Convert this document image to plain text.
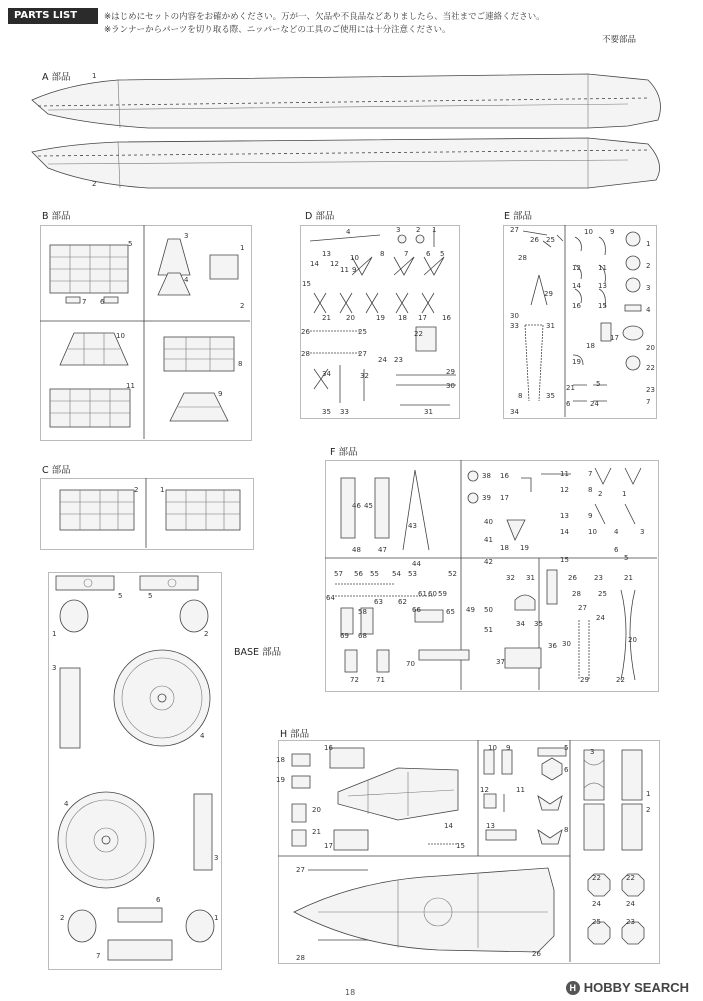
PARTS LIST	※はじめにセットの内容をお確かめください。万が一、欠品や不良品などありましたら、当社までご連絡ください。
※ランナーからパーツを切り取る際、ニッパーなどの工具のご使用には十分注意ください。
不要部品
A 部品	1
2
B 部品
5
3
1
4
2
7 6
10
8
11
9
D 部品
4	3 2 1
13
12
11
14
7
8	6 5
10
9
15
21 20	19 18 17 16
26	25
28	27
22
24 23
34	32
30
29
35 33	31
E 部品
27
26 25
10 9
28
1
2
3
4
12 11
14 13
16 15
29
30
33	31
17
18
19
20
5
21
22
6	24
23
7
8	35
34
C 部品
2	1
BASE 部品
5	5
1	2
3
4
4
3
6
2	1
7
F 部品
38 16	11	7
39 17
12	8 2	1
46 45
40
13	9
43
41
14	10 4	3
18 19
15
6
5
48 47
42
44
52	32 31	26 23	21
57 56 55 54 53
28
27
25
64	63 62
61 60 59
58	50
65
24
66	49
51
34 35
20
69 68
30
37
36
70
22
72 71	29
H 部品
16	10 9	5
18
6
19
3
1
20
12	11
2
21
14	13	8
17	15
27
22	22
24	24
25	23
28	26
18	H HOBBY SEARCH
